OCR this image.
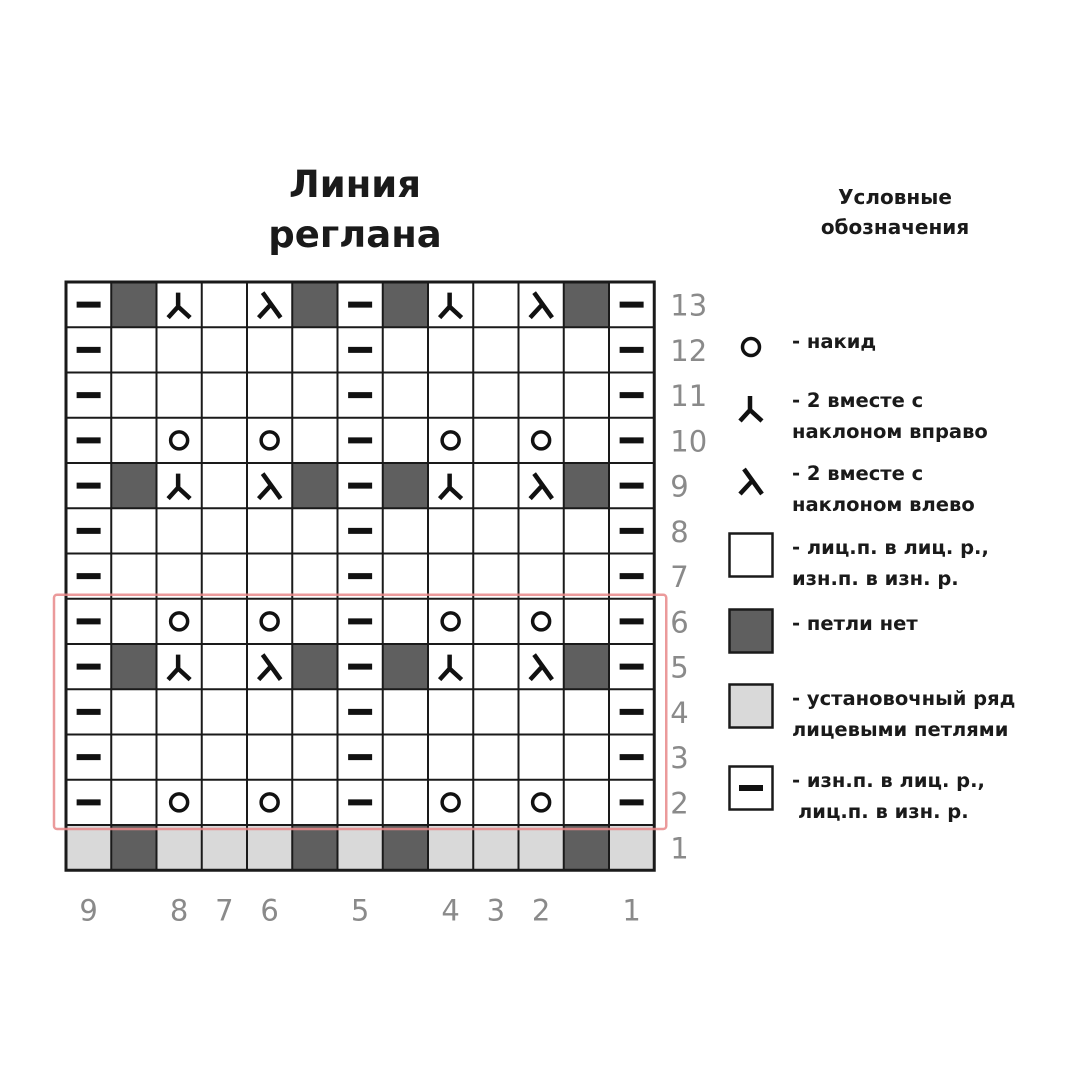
Линия
реглана
Условные
обозначения
13
12
11
10
9
8
7
6
5
4
3
2
1
9 8 7 6 5 4 3 2 1
- накид
- 2 вместе с
наклоном вправо
- 2 вместе с
наклоном влево
- лиц.п. в лиц. р.,
изн.п. в изн. р.
- петли нет
- установочный ряд
лицевыми петлями
- изн.п. в лиц. р.,
лиц.п. в изн. р.
